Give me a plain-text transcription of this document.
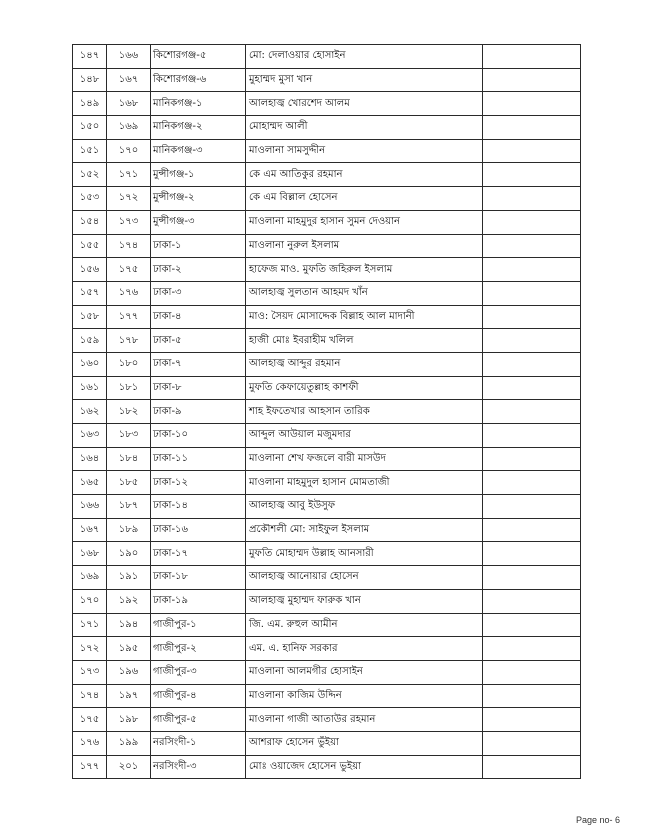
১৪৭	১৬৬	কিশোরগঞ্জ-৫	মো: দেলাওয়ার হোসাইন	
১৪৮	১৬৭	কিশোরগঞ্জ-৬	মুহাম্মদ মুসা খান	
১৪৯	১৬৮	মানিকগঞ্জ-১	আলহাজ্ব খোরশেদ আলম	
১৫০	১৬৯	মানিকগঞ্জ-২	মোহাম্মদ আলী	
১৫১	১৭০	মানিকগঞ্জ-৩	মাওলানা সামসুদ্দীন	
১৫২	১৭১	মুন্সীগঞ্জ-১	কে এম আতিকুর রহমান	
১৫৩	১৭২	মুন্সীগঞ্জ-২	কে এম বিল্লাল হোসেন	
১৫৪	১৭৩	মুন্সীগঞ্জ-৩	মাওলানা মাহমুদুর হাসান সুমন দেওয়ান	
১৫৫	১৭৪	ঢাকা-১	মাওলানা নুরুল ইসলাম	
১৫৬	১৭৫	ঢাকা-২	হাফেজ মাও. মুফতি জহিরুল ইসলাম	
১৫৭	১৭৬	ঢাকা-৩	আলহাজ্ব সুলতান আহমদ খাঁন	
১৫৮	১৭৭	ঢাকা-৪	মাও: সৈয়দ মোসাদ্দেক বিল্লাহ আল মাদানী	
১৫৯	১৭৮	ঢাকা-৫	হাজী মোঃ ইবরাহীম খলিল	
১৬০	১৮০	ঢাকা-৭	আলহাজ্ব আব্দুর রহমান	
১৬১	১৮১	ঢাকা-৮	মুফতি কেফায়েতুল্লাহ কাশফী	
১৬২	১৮২	ঢাকা-৯	শাহ ইফতেখার আহসান তারিক	
১৬৩	১৮৩	ঢাকা-১০	আব্দুল আউয়াল মজুমদার	
১৬৪	১৮৪	ঢাকা-১১	মাওলানা শেখ ফজলে বারী মাসউদ	
১৬৫	১৮৫	ঢাকা-১২	মাওলানা মাহমুদুল হাসান মোমতাজী	
১৬৬	১৮৭	ঢাকা-১৪	আলহাজ্ব আবু ইউসুফ	
১৬৭	১৮৯	ঢাকা-১৬	প্রকৌশলী মো: সাইফুল ইসলাম	
১৬৮	১৯০	ঢাকা-১৭	মুফতি মোহাম্মদ উল্লাহ আনসারী	
১৬৯	১৯১	ঢাকা-১৮	আলহাজ্ব আনোয়ার হোসেন	
১৭০	১৯২	ঢাকা-১৯	আলহাজ্ব মুহাম্মদ ফারুক খান	
১৭১	১৯৪	গাজীপুর-১	জি. এম. রুহুল আমীন	
১৭২	১৯৫	গাজীপুর-২	এম. এ. হানিফ সরকার	
১৭৩	১৯৬	গাজীপুর-৩	মাওলানা আলমগীর হোসাইন	
১৭৪	১৯৭	গাজীপুর-৪	মাওলানা কাজিম উদ্দিন	
১৭৫	১৯৮	গাজীপুর-৫	মাওলানা গাজী আতাউর রহমান	
১৭৬	১৯৯	নরসিংদী-১	আশরাফ হোসেন ভুঁইয়া	
১৭৭	২০১	নরসিংদী-৩	মোঃ ওয়াজেদ হোসেন ভুইয়া	
Page no- 6
